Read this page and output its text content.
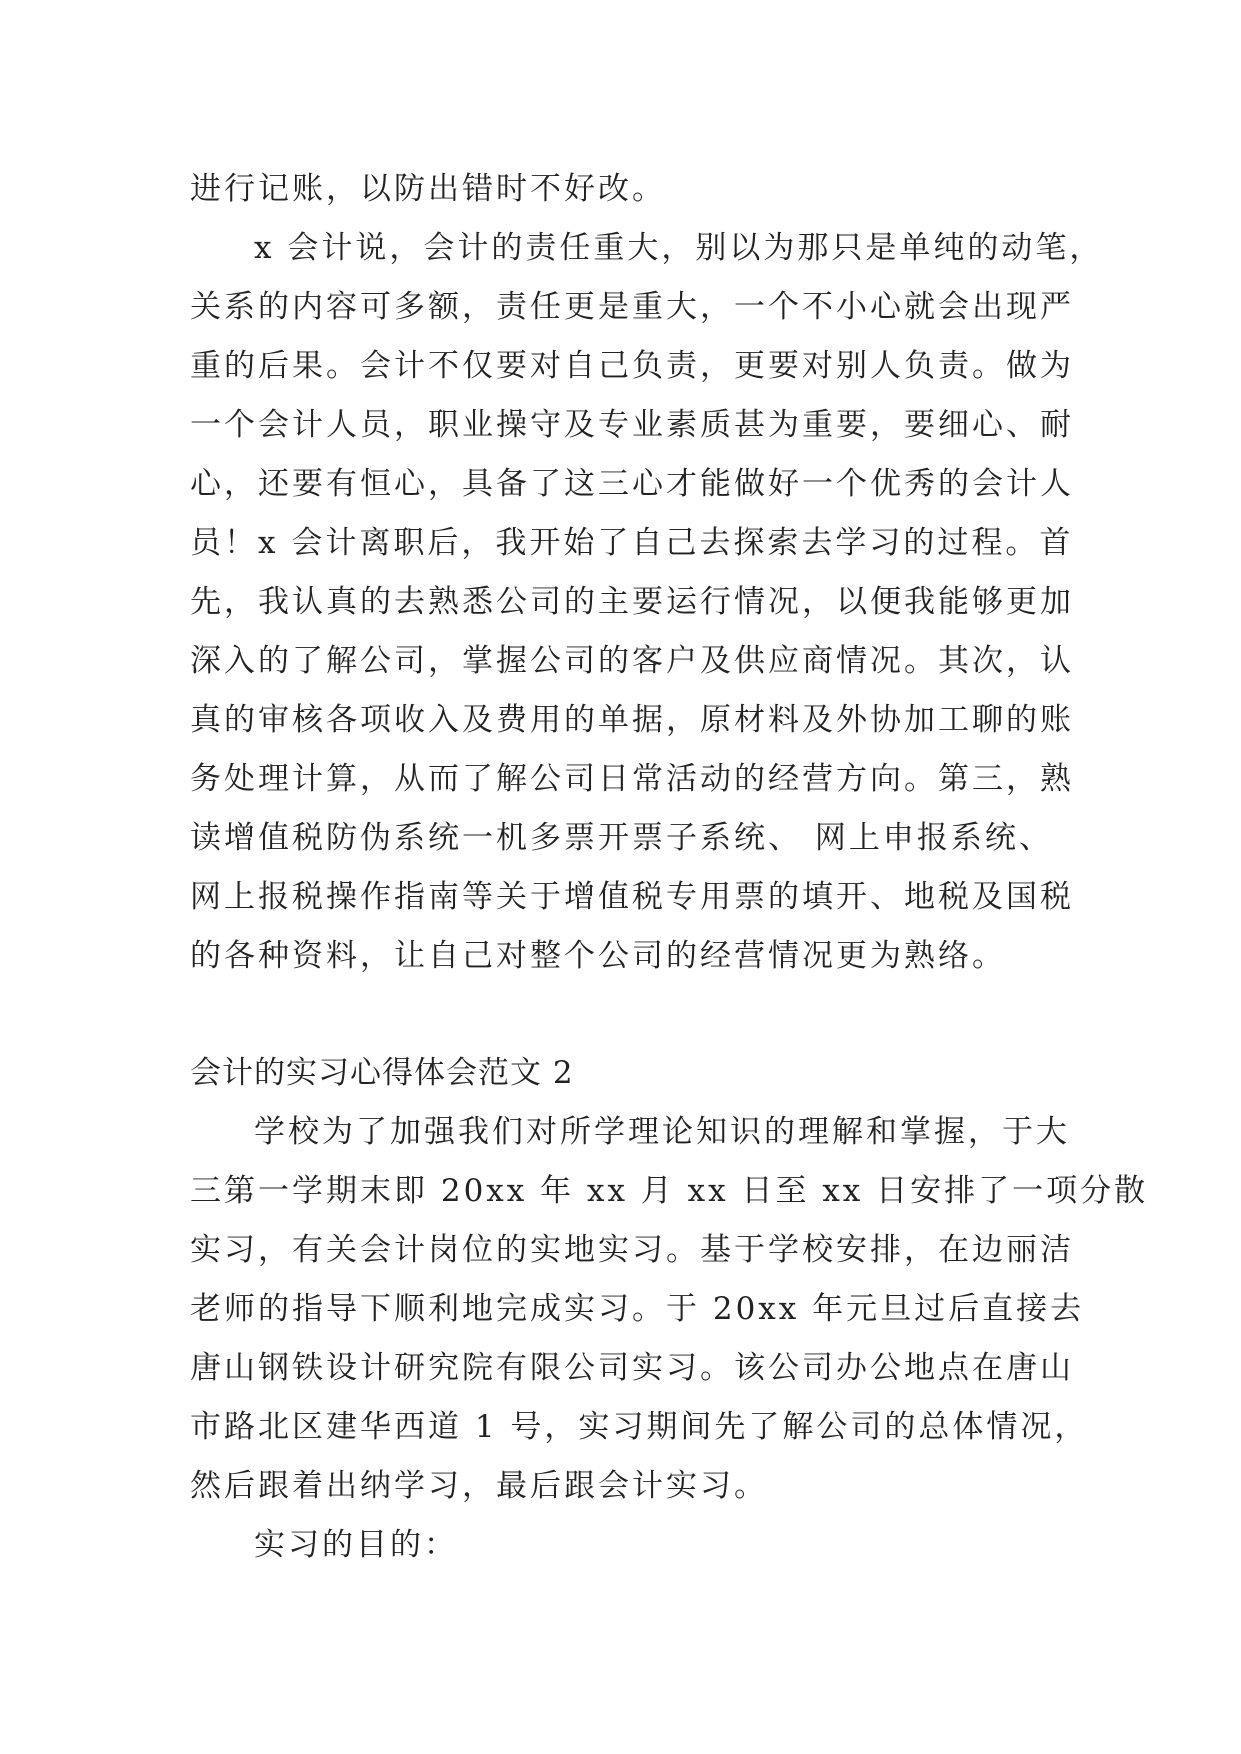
进行记账，以防出错时不好改。
x 会计说，会计的责任重大，别以为那只是单纯的动笔，
关系的内容可多额，责任更是重大，一个不小心就会出现严
重的后果。会计不仅要对自己负责，更要对别人负责。做为
一个会计人员，职业操守及专业素质甚为重要，要细心、耐
心，还要有恒心，具备了这三心才能做好一个优秀的会计人
员！x 会计离职后，我开始了自己去探索去学习的过程。首
先，我认真的去熟悉公司的主要运行情况，以便我能够更加
深入的了解公司，掌握公司的客户及供应商情况。其次，认
真的审核各项收入及费用的单据，原材料及外协加工聊的账
务处理计算，从而了解公司日常活动的经营方向。第三，熟
读增值税防伪系统一机多票开票子系统、 网上申报系统、
网上报税操作指南等关于增值税专用票的填开、地税及国税
的各种资料，让自己对整个公司的经营情况更为熟络。
会计的实习心得体会范文 2
学校为了加强我们对所学理论知识的理解和掌握，于大
三第一学期末即 20xx 年 xx 月 xx 日至 xx 日安排了一项分散
实习，有关会计岗位的实地实习。基于学校安排，在边丽洁
老师的指导下顺利地完成实习。于 20xx 年元旦过后直接去
唐山钢铁设计研究院有限公司实习。该公司办公地点在唐山
市路北区建华西道 1 号，实习期间先了解公司的总体情况，
然后跟着出纳学习，最后跟会计实习。
实习的目的：
